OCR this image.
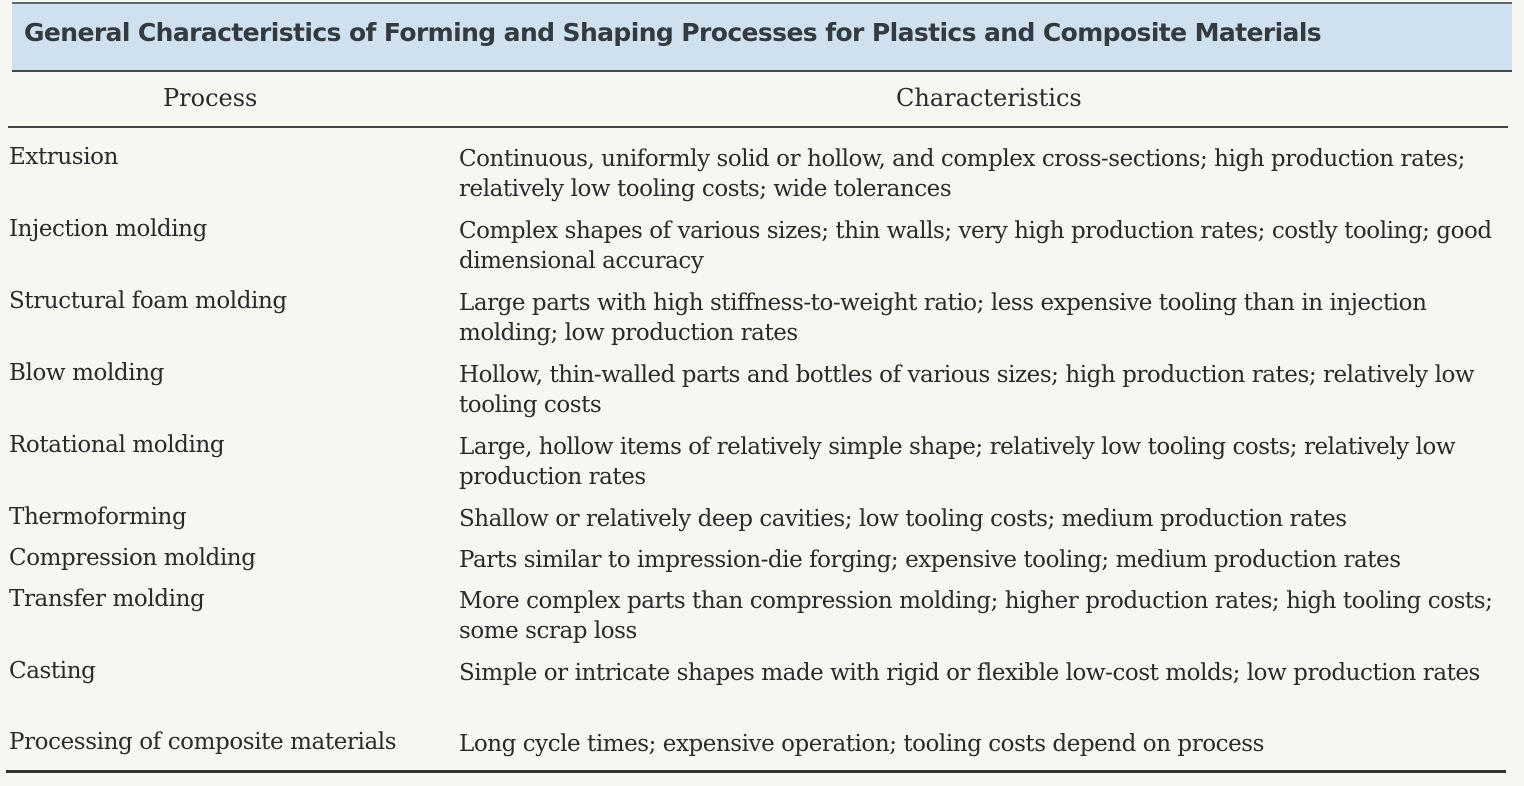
General Characteristics of Forming and Shaping Processes for Plastics and Composite Materials
Process	Characteristics
Extrusion	Continuous, uniformly solid or hollow, and complex cross-sections; high production rates; relatively low tooling costs; wide tolerances
Injection molding	Complex shapes of various sizes; thin walls; very high production rates; costly tooling; good dimensional accuracy
Structural foam molding	Large parts with high stiffness-to-weight ratio; less expensive tooling than in injection molding; low production rates
Blow molding	Hollow, thin-walled parts and bottles of various sizes; high production rates; relatively low tooling costs
Rotational molding	Large, hollow items of relatively simple shape; relatively low tooling costs; relatively low production rates
Thermoforming	Shallow or relatively deep cavities; low tooling costs; medium production rates
Compression molding	Parts similar to impression-die forging; expensive tooling; medium production rates
Transfer molding	More complex parts than compression molding; higher production rates; high tooling costs; some scrap loss
Casting	Simple or intricate shapes made with rigid or flexible low-cost molds; low production rates
Processing of composite materials	Long cycle times; expensive operation; tooling costs depend on process
